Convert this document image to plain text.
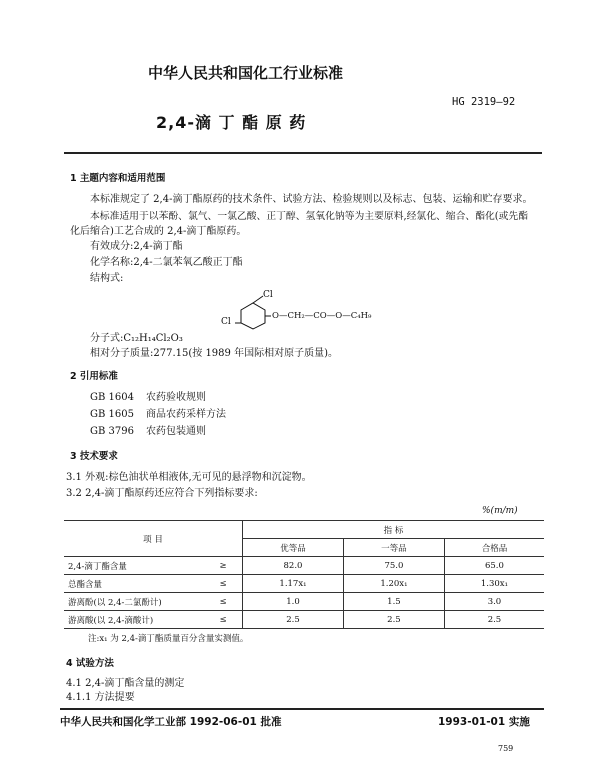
中华人民共和国化工行业标准
HG 2319—92
2,4-滴 丁 酯 原 药
1 主题内容和适用范围
本标准规定了 2,4-滴丁酯原药的技术条件、试验方法、检验规则以及标志、包装、运输和贮存要求。
本标准适用于以苯酚、氯气、一氯乙酸、正丁醇、氢氧化钠等为主要原料,经氯化、缩合、酯化(或先酯
化后缩合)工艺合成的 2,4-滴丁酯原药。
有效成分:2,4-滴丁酯
化学名称:2,4-二氯苯氧乙酸正丁酯
结构式:
Cl
Cl
O—CH₂—CO—O—C₄H₉
分子式:C₁₂H₁₄Cl₂O₃
相对分子质量:277.15(按 1989 年国际相对原子质量)。
2 引用标准
GB 1604 农药验收规则
GB 1605 商品农药采样方法
GB 3796 农药包装通则
3 技术要求
3.1 外观:棕色油状单相液体,无可见的悬浮物和沉淀物。
3.2 2,4-滴丁酯原药还应符合下列指标要求:
%(m/m)
项 目		指 标		
		优等品	一等品	合格品
2,4-滴丁酯含量	≥	82.0	75.0	65.0
总酯含量	≤	1.17x₁	1.20x₁	1.30x₁
游离酚(以 2,4-二氯酚计)	≤	1.0	1.5	3.0
游离酸(以 2,4-滴酸计)	≤	2.5	2.5	2.5
注:x₁ 为 2,4-滴丁酯质量百分含量实测值。
4 试验方法
4.1 2,4-滴丁酯含量的测定
4.1.1 方法提要
中华人民共和国化学工业部 1992-06-01 批准	1993-01-01 实施
759
